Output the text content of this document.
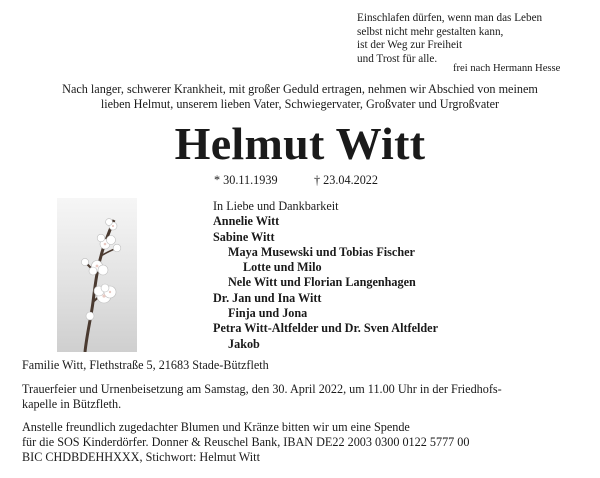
Einschlafen dürfen, wenn man das Leben
selbst nicht mehr gestalten kann,
ist der Weg zur Freiheit
und Trost für alle.
frei nach Hermann Hesse
Nach langer, schwerer Krankheit, mit großer Geduld ertragen, nehmen wir Abschied von meinem
lieben Helmut, unserem lieben Vater, Schwiegervater, Großvater und Urgroßvater
Helmut Witt
* 30.11.1939	† 23.04.2022
In Liebe und Dankbarkeit
Annelie Witt
Sabine Witt
Maya Musewski und Tobias Fischer
Lotte und Milo
Nele Witt und Florian Langenhagen
Dr. Jan und Ina Witt
Finja und Jona
Petra Witt-Altfelder und Dr. Sven Altfelder
Jakob
Familie Witt, Flethstraße 5, 21683 Stade-Bützfleth
Trauerfeier und Urnenbeisetzung am Samstag, den 30. April 2022, um 11.00 Uhr in der Friedhofs-
kapelle in Bützfleth.
Anstelle freundlich zugedachter Blumen und Kränze bitten wir um eine Spende
für die SOS Kinderdörfer. Donner & Reuschel Bank, IBAN DE22 2003 0300 0122 5777 00
BIC CHDBDEHHXXX, Stichwort: Helmut Witt
